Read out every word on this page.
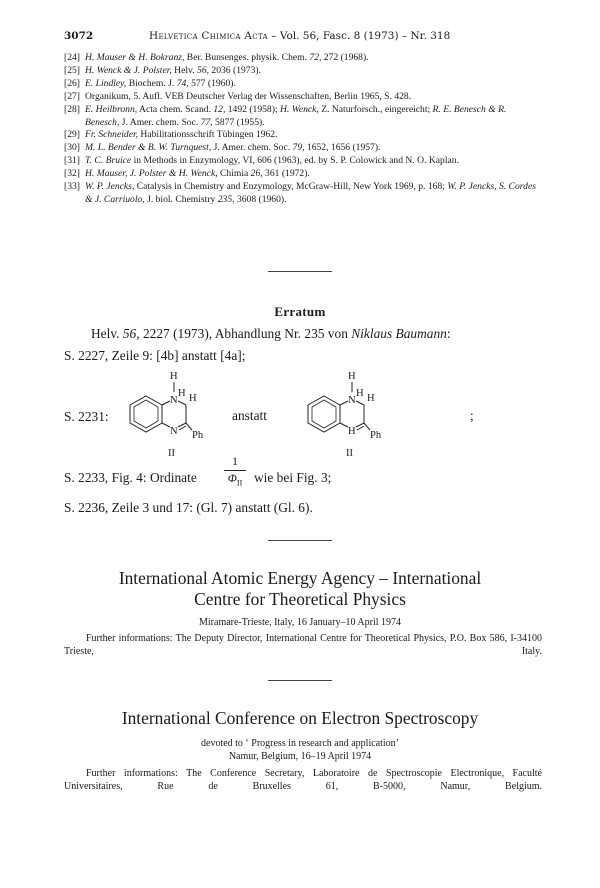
3072	Helvetica Chimica Acta – Vol. 56, Fasc. 8 (1973) – Nr. 318
[24] H. Mauser & H. Bokranz, Ber. Bunsenges. physik. Chem. 72, 272 (1968).
[25] H. Wenck & J. Polster, Helv. 56, 2036 (1973).
[26] E. Lindley, Biochem. J. 74, 577 (1960).
[27] Organikum, 5. Aufl. VEB Deutscher Verlag der Wissenschaften, Berlin 1965, S. 428.
[28] E. Heilbronn, Acta chem. Scand. 12, 1492 (1958); H. Wenck, Z. Naturforsch., eingereicht; R. E. Benesch & R. Benesch, J. Amer. chem. Soc. 77, 5877 (1955).
[29] Fr. Schneider, Habilitationsschrift Tübingen 1962.
[30] M. L. Bender & B. W. Turnquest, J. Amer. chem. Soc. 79, 1652, 1656 (1957).
[31] T. C. Bruice in Methods in Enzymology, VI, 606 (1963), ed. by S. P. Colowick and N. O. Kaplan.
[32] H. Mauser, J. Polster & H. Wenck, Chimia 26, 361 (1972).
[33] W. P. Jencks, Catalysis in Chemistry and Enzymology, McGraw-Hill, New York 1969, p. 168; W. P. Jencks, S. Cordes & J. Carriuolo, J. biol. Chemistry 235, 3608 (1960).
Erratum
Helv. 56, 2227 (1973), Abhandlung Nr. 235 von Niklaus Baumann:
S. 2227, Zeile 9: [4b] anstatt [4a];
S. 2231:
H
N
H H
N Ph
II
anstatt
H
N
H H
H Ph
II
;
S. 2233, Fig. 4: Ordinate
1
$\Phi_{II}$ wie bei Fig. 3;
S. 2236, Zeile 3 und 17: (Gl. 7) anstatt (Gl. 6).
International Atomic Energy Agency – International
Centre for Theoretical Physics
Miramare-Trieste, Italy, 16 January–10 April 1974
Further informations: The Deputy Director, International Centre for Theoretical Physics, P.O. Box 586, I-34100 Trieste, Italy.
International Conference on Electron Spectroscopy
devoted to ‘ Progress in research and application’
Namur, Belgium, 16–19 April 1974
Further informations: The Conference Secretary, Laboratoire de Spectroscopie Electronique, Faculté Universitaires, Rue de Bruxelles 61, B-5000, Namur, Belgium.
